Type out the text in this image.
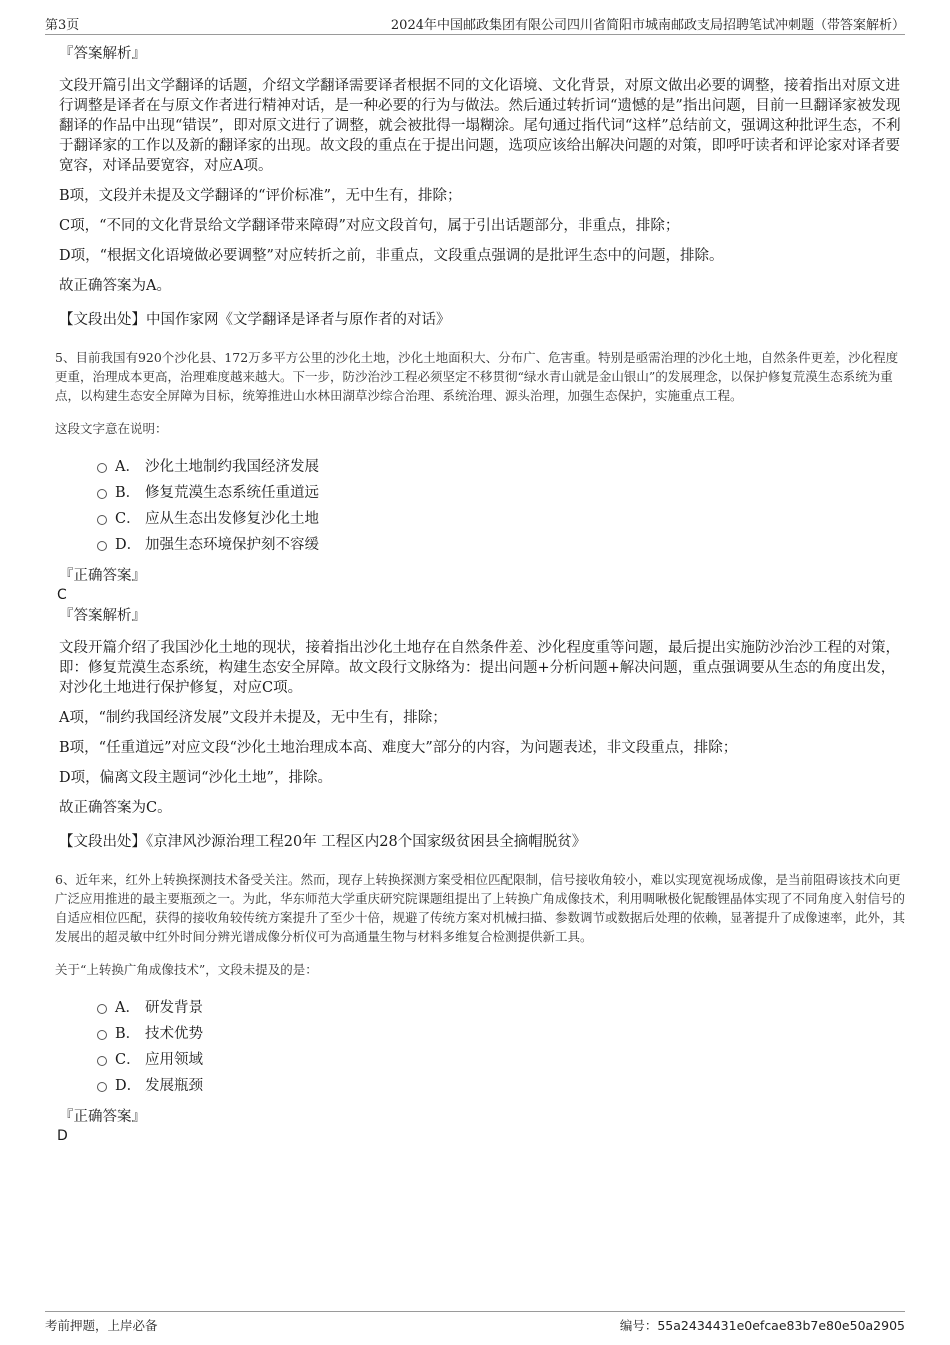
第3页	2024年中国邮政集团有限公司四川省简阳市城南邮政支局招聘笔试冲刺题（带答案解析）
『答案解析』

文段开篇引出文学翻译的话题，介绍文学翻译需要译者根据不同的文化语境、文化背景，对原文做出必要的调整，接着指出对原文进行调整是译者在与原文作者进行精神对话，是一种必要的行为与做法。然后通过转折词“遗憾的是”指出问题，目前一旦翻译家被发现翻译的作品中出现“错误”，即对原文进行了调整，就会被批得一塌糊涂。尾句通过指代词“这样”总结前文，强调这种批评生态，不利于翻译家的工作以及新的翻译家的出现。故文段的重点在于提出问题，选项应该给出解决问题的对策，即呼吁读者和评论家对译者要宽容，对译品要宽容，对应A项。

B项，文段并未提及文学翻译的“评价标准”，无中生有，排除；

C项，“不同的文化背景给文学翻译带来障碍”对应文段首句，属于引出话题部分，非重点，排除；

D项，“根据文化语境做必要调整”对应转折之前，非重点，文段重点强调的是批评生态中的问题，排除。

故正确答案为A。

【文段出处】中国作家网《文学翻译是译者与原作者的对话》

5、目前我国有920个沙化县、172万多平方公里的沙化土地，沙化土地面积大、分布广、危害重。特别是亟需治理的沙化土地，自然条件更差，沙化程度更重，治理成本更高，治理难度越来越大。下一步，防沙治沙工程必须坚定不移贯彻“绿水青山就是金山银山”的发展理念，以保护修复荒漠生态系统为重点，以构建生态安全屏障为目标，统筹推进山水林田湖草沙综合治理、系统治理、源头治理，加强生态保护，实施重点工程。

这段文字意在说明：

A． 沙化土地制约我国经济发展
B． 修复荒漠生态系统任重道远
C． 应从生态出发修复沙化土地
D． 加强生态环境保护刻不容缓
『正确答案』
C
『答案解析』

文段开篇介绍了我国沙化土地的现状，接着指出沙化土地存在自然条件差、沙化程度重等问题，最后提出实施防沙治沙工程的对策，即：修复荒漠生态系统，构建生态安全屏障。故文段行文脉络为：提出问题+分析问题+解决问题，重点强调要从生态的角度出发，对沙化土地进行保护修复，对应C项。

A项，“制约我国经济发展”文段并未提及，无中生有，排除；

B项，“任重道远”对应文段“沙化土地治理成本高、难度大”部分的内容，为问题表述，非文段重点，排除；

D项，偏离文段主题词“沙化土地”，排除。

故正确答案为C。

【文段出处】《京津风沙源治理工程20年 工程区内28个国家级贫困县全摘帽脱贫》

6、近年来，红外上转换探测技术备受关注。然而，现存上转换探测方案受相位匹配限制，信号接收角较小，难以实现宽视场成像，是当前阻碍该技术向更广泛应用推进的最主要瓶颈之一。为此，华东师范大学重庆研究院课题组提出了上转换广角成像技术，利用啁啾极化铌酸锂晶体实现了不同角度入射信号的自适应相位匹配，获得的接收角较传统方案提升了至少十倍，规避了传统方案对机械扫描、参数调节或数据后处理的依赖，显著提升了成像速率，此外，其发展出的超灵敏中红外时间分辨光谱成像分析仪可为高通量生物与材料多维复合检测提供新工具。

关于“上转换广角成像技术”，文段未提及的是：

A． 研发背景
B． 技术优势
C． 应用领域
D． 发展瓶颈
『正确答案』
D
考前押题，上岸必备	编号：55a2434431e0efcae83b7e80e50a2905
